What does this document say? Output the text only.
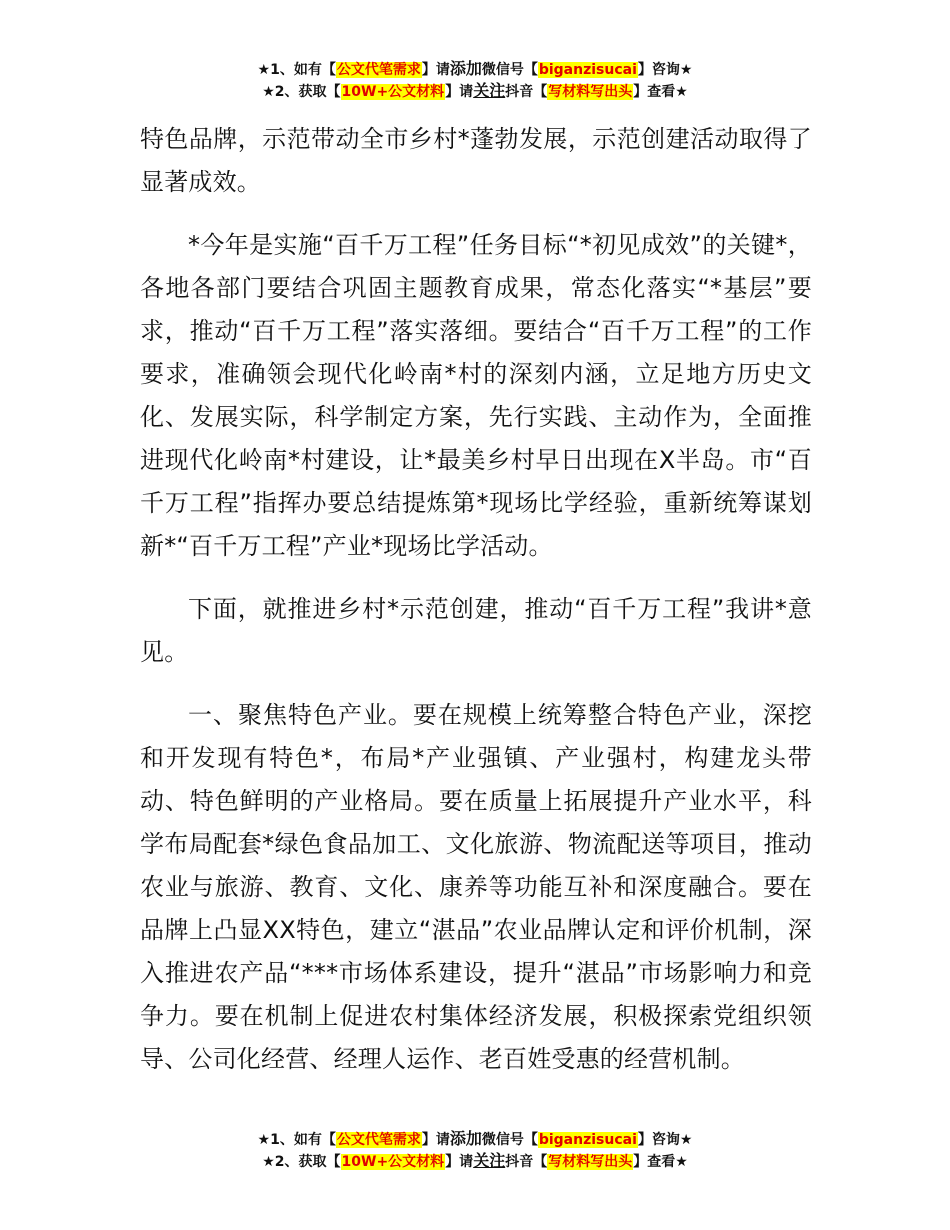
★1、如有【公文代笔需求】请添加微信号【biganzisucai】咨询★
★2、获取【10W+公文材料】请关注抖音【写材料写出头】查看★

特色品牌，示范带动全市乡村*蓬勃发展，示范创建活动取得了显著成效。

*今年是实施“百千万工程”任务目标“*初见成效”的关键*，各地各部门要结合巩固主题教育成果，常态化落实“*基层”要求，推动“百千万工程”落实落细。要结合“百千万工程”的工作要求，准确领会现代化岭南*村的深刻内涵，立足地方历史文化、发展实际，科学制定方案，先行实践、主动作为，全面推进现代化岭南*村建设，让*最美乡村早日出现在X半岛。市“百千万工程”指挥办要总结提炼第*现场比学经验，重新统筹谋划新*“百千万工程”产业*现场比学活动。

下面，就推进乡村*示范创建，推动“百千万工程”我讲*意见。

一、聚焦特色产业。要在规模上统筹整合特色产业，深挖和开发现有特色*，布局*产业强镇、产业强村，构建龙头带动、特色鲜明的产业格局。要在质量上拓展提升产业水平，科学布局配套*绿色食品加工、文化旅游、物流配送等项目，推动农业与旅游、教育、文化、康养等功能互补和深度融合。要在品牌上凸显XX特色，建立“湛品”农业品牌认定和评价机制，深入推进农产品“***市场体系建设，提升“湛品”市场影响力和竞争力。要在机制上促进农村集体经济发展，积极探索党组织领导、公司化经营、经理人运作、老百姓受惠的经营机制。

★1、如有【公文代笔需求】请添加微信号【biganzisucai】咨询★
★2、获取【10W+公文材料】请关注抖音【写材料写出头】查看★
